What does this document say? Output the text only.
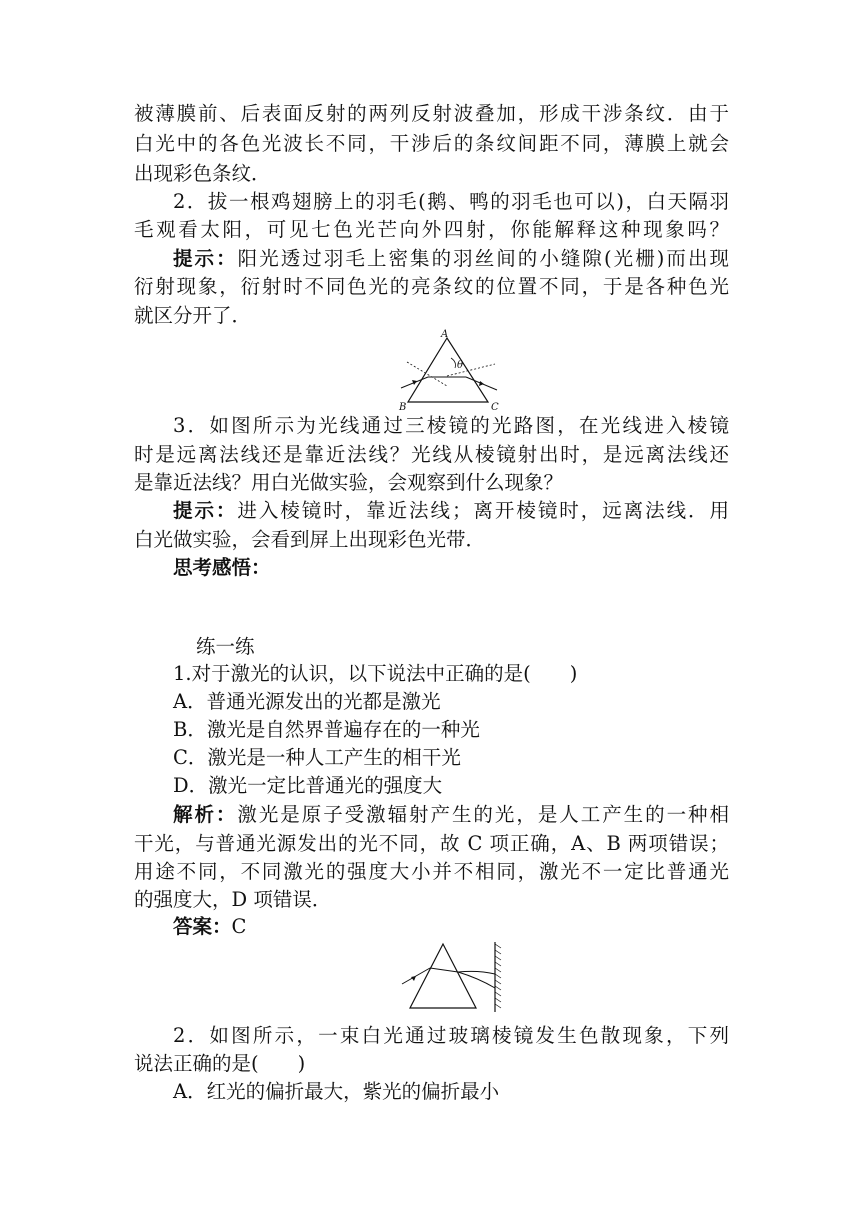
被薄膜前、后表面反射的两列反射波叠加，形成干涉条纹．由于
白光中的各色光波长不同，干涉后的条纹间距不同，薄膜上就会
出现彩色条纹．
2．拔一根鸡翅膀上的羽毛(鹅、鸭的羽毛也可以)，白天隔羽
毛观看太阳，可见七色光芒向外四射，你能解释这种现象吗？
提示：阳光透过羽毛上密集的羽丝间的小缝隙(光栅)而出现
衍射现象，衍射时不同色光的亮条纹的位置不同，于是各种色光
就区分开了．
A
B	C
θ
3．如图所示为光线通过三棱镜的光路图，在光线进入棱镜
时是远离法线还是靠近法线？光线从棱镜射出时，是远离法线还
是靠近法线？用白光做实验，会观察到什么现象？
提示：进入棱镜时，靠近法线；离开棱镜时，远离法线．用
白光做实验，会看到屏上出现彩色光带．
思考感悟：
练一练
1.对于激光的认识，以下说法中正确的是(　　)
A．普通光源发出的光都是激光
B．激光是自然界普遍存在的一种光
C．激光是一种人工产生的相干光
D．激光一定比普通光的强度大
解析：激光是原子受激辐射产生的光，是人工产生的一种相
干光，与普通光源发出的光不同，故 C 项正确，A、B 两项错误；
用途不同，不同激光的强度大小并不相同，激光不一定比普通光
的强度大，D 项错误．
答案：C
2．如图所示，一束白光通过玻璃棱镜发生色散现象，下列
说法正确的是(　　)
A．红光的偏折最大，紫光的偏折最小
